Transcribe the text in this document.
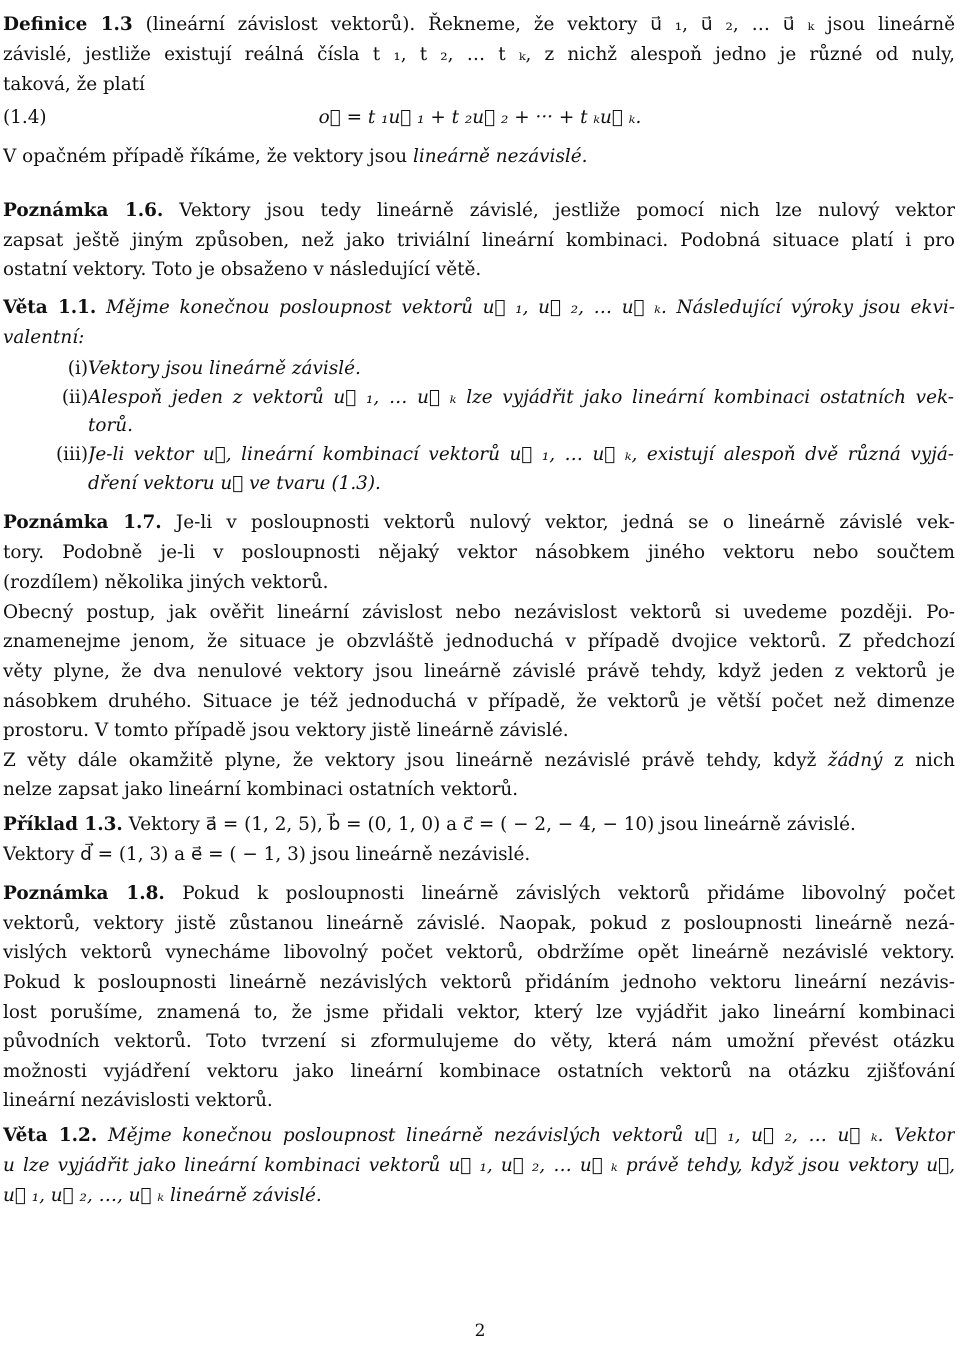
Definice 1.3 (lineární závislost vektorů). Řekneme, že vektory u⃗ ₁, u⃗ ₂, … u⃗ ₖ jsou lineárně
závislé, jestliže existují reálná čísla t ₁, t ₂, … t ₖ, z nichž alespoň jedno je různé od nuly,
taková, že platí
(1.4)	o⃗ = t ₁u⃗ ₁ + t ₂u⃗ ₂ + ··· + t ₖu⃗ ₖ.
V opačném případě říkáme, že vektory jsou lineárně nezávislé.
Poznámka 1.6. Vektory jsou tedy lineárně závislé, jestliže pomocí nich lze nulový vektor
zapsat ještě jiným způsoben, než jako triviální lineární kombinaci. Podobná situace platí i pro
ostatní vektory. Toto je obsaženo v následující větě.
Věta 1.1. Mějme konečnou posloupnost vektorů u⃗ ₁, u⃗ ₂, … u⃗ ₖ. Následující výroky jsou ekvi-
valentní:
(i) Vektory jsou lineárně závislé.
(ii) Alespoň jeden z vektorů u⃗ ₁, … u⃗ ₖ lze vyjádřit jako lineární kombinaci ostatních vek-
torů.
(iii) Je-li vektor u⃗, lineární kombinací vektorů u⃗ ₁, … u⃗ ₖ, existují alespoň dvě různá vyjá-
dření vektoru u⃗ ve tvaru (1.3).
Poznámka 1.7. Je-li v posloupnosti vektorů nulový vektor, jedná se o lineárně závislé vek-
tory. Podobně je-li v posloupnosti nějaký vektor násobkem jiného vektoru nebo součtem
(rozdílem) několika jiných vektorů.
Obecný postup, jak ověřit lineární závislost nebo nezávislost vektorů si uvedeme později. Po-
znamenejme jenom, že situace je obzvláště jednoduchá v případě dvojice vektorů. Z předchozí
věty plyne, že dva nenulové vektory jsou lineárně závislé právě tehdy, když jeden z vektorů je
násobkem druhého. Situace je též jednoduchá v případě, že vektorů je větší počet než dimenze
prostoru. V tomto případě jsou vektory jistě lineárně závislé.
Z věty dále okamžitě plyne, že vektory jsou lineárně nezávislé právě tehdy, když žádný z nich
nelze zapsat jako lineární kombinaci ostatních vektorů.
Příklad 1.3. Vektory a⃗ = (1, 2, 5), b⃗ = (0, 1, 0) a c⃗ = ( − 2, − 4, − 10) jsou lineárně závislé.
Vektory d⃗ = (1, 3) a e⃗ = ( − 1, 3) jsou lineárně nezávislé.
Poznámka 1.8. Pokud k posloupnosti lineárně závislých vektorů přidáme libovolný počet
vektorů, vektory jistě zůstanou lineárně závislé. Naopak, pokud z posloupnosti lineárně nezá-
vislých vektorů vynecháme libovolný počet vektorů, obdržíme opět lineárně nezávislé vektory.
Pokud k posloupnosti lineárně nezávislých vektorů přidáním jednoho vektoru lineární nezávis-
lost porušíme, znamená to, že jsme přidali vektor, který lze vyjádřit jako lineární kombinaci
původních vektorů. Toto tvrzení si zformulujeme do věty, která nám umožní převést otázku
možnosti vyjádření vektoru jako lineární kombinace ostatních vektorů na otázku zjišťování
lineární nezávislosti vektorů.
Věta 1.2. Mějme konečnou posloupnost lineárně nezávislých vektorů u⃗ ₁, u⃗ ₂, … u⃗ ₖ. Vektor
u lze vyjádřit jako lineární kombinaci vektorů u⃗ ₁, u⃗ ₂, … u⃗ ₖ právě tehdy, když jsou vektory u⃗,
u⃗ ₁, u⃗ ₂, …, u⃗ ₖ lineárně závislé.
2
